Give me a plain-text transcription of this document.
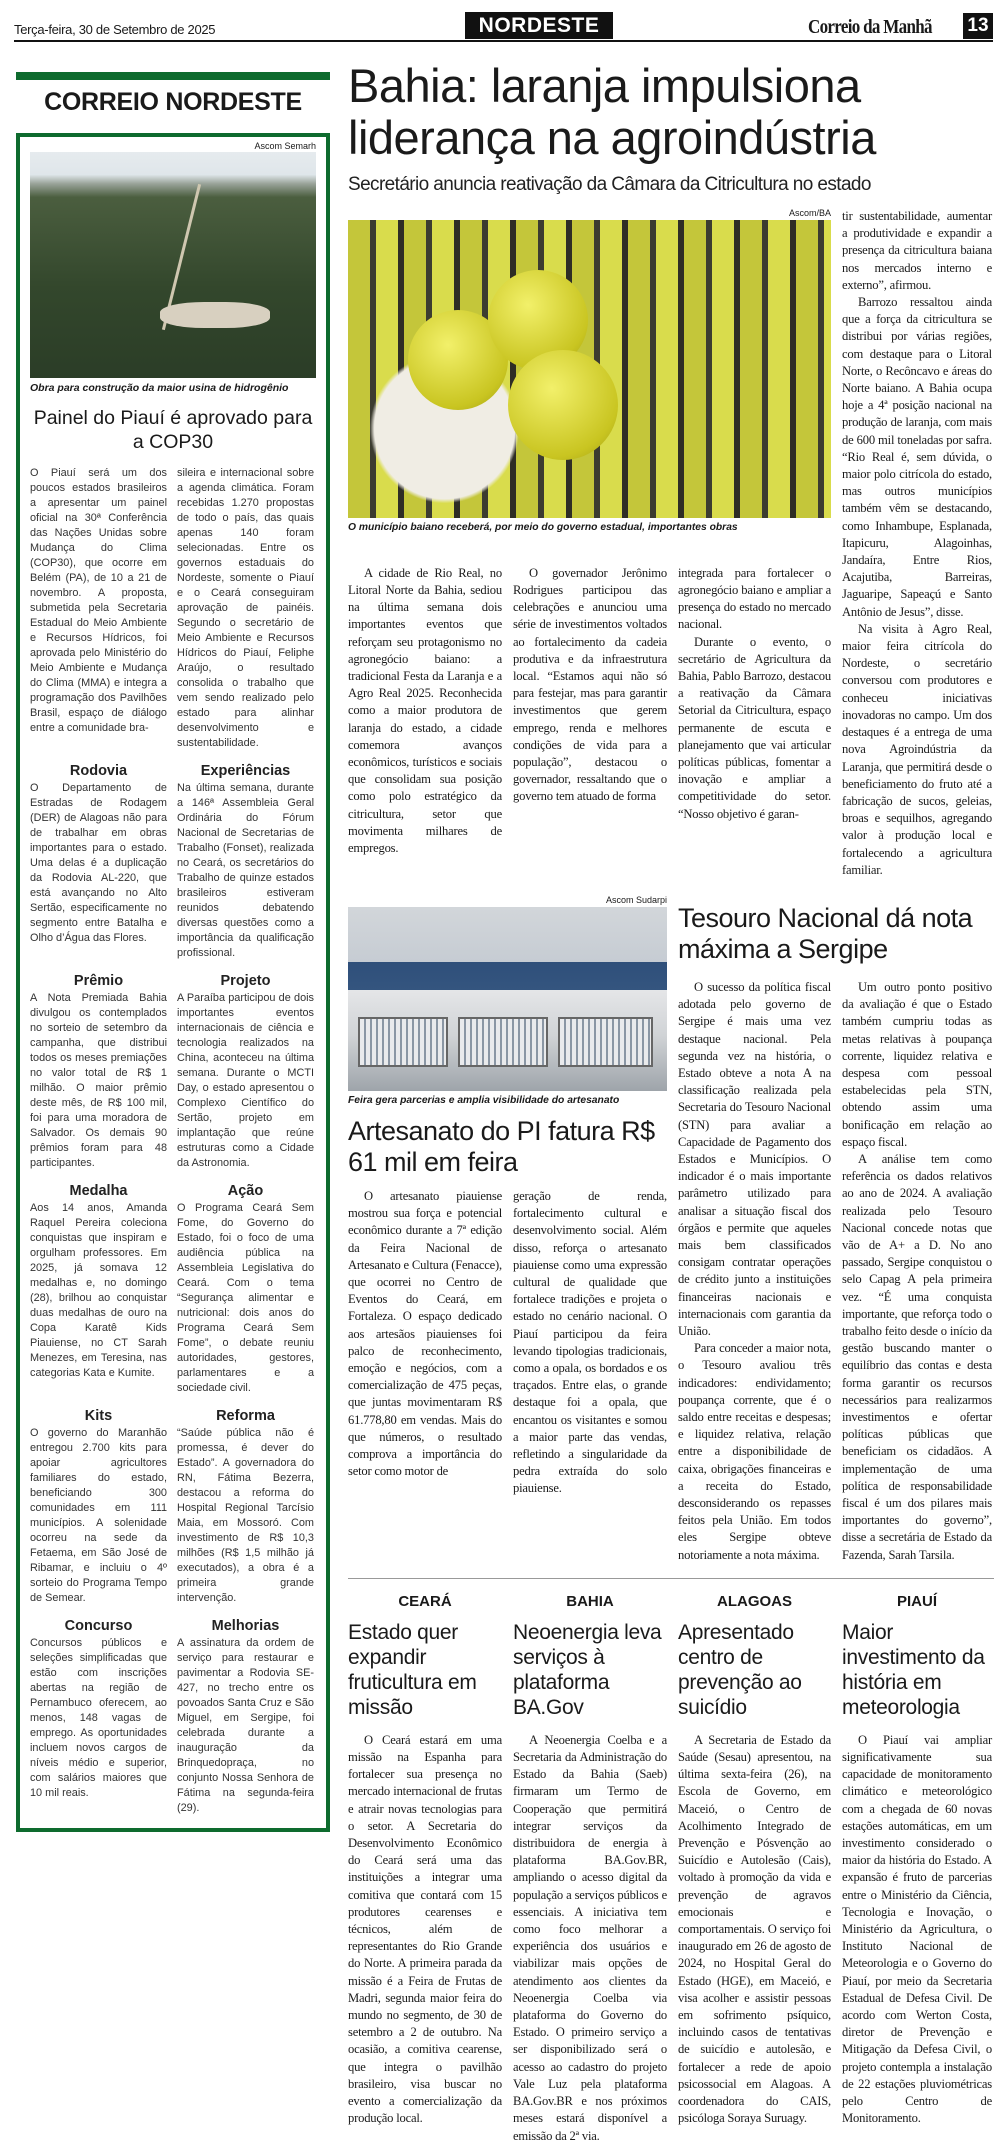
Terça-feira, 30 de Setembro de 2025	NORDESTE	Correio da Manhã 13
CORREIO NORDESTE
Ascom Semarh
Obra para construção da maior usina de hidrogênio
Painel do Piauí é aprovado para a COP30

O Piauí será um dos poucos estados brasileiros a apresentar um painel oficial na 30ª Conferência das Nações Unidas sobre Mudança do Clima (COP30), que ocorre em Belém (PA), de 10 a 21 de novembro. A proposta, submetida pela Secretaria Estadual do Meio Ambiente e Recursos Hídricos, foi aprovada pelo Ministério do Meio Ambiente e Mudança do Clima (MMA) e integra a programação dos Pavilhões Brasil, espaço de diálogo entre a comunidade bra-

sileira e internacional sobre a agenda climática. Foram recebidas 1.270 propostas de todo o país, das quais apenas 140 foram selecionadas. Entre os governos estaduais do Nordeste, somente o Piauí e o Ceará conseguiram aprovação de painéis. Segundo o secretário de Meio Ambiente e Recursos Hídricos do Piauí, Feliphe Araújo, o resultado consolida o trabalho que vem sendo realizado pelo estado para alinhar desenvolvimento e sustentabilidade.

Rodovia

O Departamento de Estradas de Rodagem (DER) de Alagoas não para de trabalhar em obras importantes para o estado. Uma delas é a duplicação da Rodovia AL-220, que está avançando no Alto Sertão, especificamente no segmento entre Batalha e Olho d’Água das Flores.

Experiências

Na última semana, durante a 146ª Assembleia Geral Ordinária do Fórum Nacional de Secretarias de Trabalho (Fonset), realizada no Ceará, os secretários do Trabalho de quinze estados brasileiros estiveram reunidos debatendo diversas questões como a importância da qualificação profissional.

Prêmio

A Nota Premiada Bahia divulgou os contemplados no sorteio de setembro da campanha, que distribui todos os meses premiações no valor total de R$ 1 milhão. O maior prêmio deste mês, de R$ 100 mil, foi para uma moradora de Salvador. Os demais 90 prêmios foram para 48 participantes.

Projeto

A Paraíba participou de dois importantes eventos internacionais de ciência e tecnologia realizados na China, aconteceu na última semana. Durante o MCTI Day, o estado apresentou o Complexo Científico do Sertão, projeto em implantação que reúne estruturas como a Cidade da Astronomia.

Medalha

Aos 14 anos, Amanda Raquel Pereira coleciona conquistas que inspiram e orgulham professores. Em 2025, já somava 12 medalhas e, no domingo (28), brilhou ao conquistar duas medalhas de ouro na Copa Karatê Kids Piauiense, no CT Sarah Menezes, em Teresina, nas categorias Kata e Kumite.

Ação

O Programa Ceará Sem Fome, do Governo do Estado, foi o foco de uma audiência pública na Assembleia Legislativa do Ceará. Com o tema “Segurança alimentar e nutricional: dois anos do Programa Ceará Sem Fome”, o debate reuniu autoridades, gestores, parlamentares e a sociedade civil.

Kits

O governo do Maranhão entregou 2.700 kits para apoiar agricultores familiares do estado, beneficiando 300 comunidades em 111 municípios. A solenidade ocorreu na sede da Fetaema, em São José de Ribamar, e incluiu o 4º sorteio do Programa Tempo de Semear.

Reforma

“Saúde pública não é promessa, é dever do Estado”. A governadora do RN, Fátima Bezerra, destacou a reforma do Hospital Regional Tarcísio Maia, em Mossoró. Com investimento de R$ 10,3 milhões (R$ 1,5 milhão já executados), a obra é a primeira grande intervenção.

Concurso

Concursos públicos e seleções simplificadas que estão com inscrições abertas na região de Pernambuco oferecem, ao menos, 148 vagas de emprego. As oportunidades incluem novos cargos de níveis médio e superior, com salários maiores que 10 mil reais.

Melhorias

A assinatura da ordem de serviço para restaurar e pavimentar a Rodovia SE-427, no trecho entre os povoados Santa Cruz e São Miguel, em Sergipe, foi celebrada durante a inauguração da Brinquedopraça, no conjunto Nossa Senhora de Fátima na segunda-feira (29).

Bahia: laranja impulsiona liderança na agroindústria
Secretário anuncia reativação da Câmara da Citricultura no estado
Ascom/BA
O município baiano receberá, por meio do governo estadual, importantes obras

A cidade de Rio Real, no Litoral Norte da Bahia, sediou na última semana dois importantes eventos que reforçam seu protagonismo no agronegócio baiano: a tradicional Festa da Laranja e a Agro Real 2025. Reconhecida como a maior produtora de laranja do estado, a cidade comemora avanços econômicos, turísticos e sociais que consolidam sua posição como polo estratégico da citricultura, setor que movimenta milhares de empregos.

O governador Jerônimo Rodrigues participou das celebrações e anunciou uma série de investimentos voltados ao fortalecimento da cadeia produtiva e da infraestrutura local. “Estamos aqui não só para festejar, mas para garantir investimentos que gerem emprego, renda e melhores condições de vida para a população”, destacou o governador, ressaltando que o governo tem atuado de forma

integrada para fortalecer o agronegócio baiano e ampliar a presença do estado no mercado nacional.

Durante o evento, o secretário de Agricultura da Bahia, Pablo Barrozo, destacou a reativação da Câmara Setorial da Citricultura, espaço permanente de escuta e planejamento que vai articular políticas públicas, fomentar a inovação e ampliar a competitividade do setor. “Nosso objetivo é garan-

tir sustentabilidade, aumentar a produtividade e expandir a presença da citricultura baiana nos mercados interno e externo”, afirmou.

Barrozo ressaltou ainda que a força da citricultura se distribui por várias regiões, com destaque para o Litoral Norte, o Recôncavo e áreas do Norte baiano. A Bahia ocupa hoje a 4ª posição nacional na produção de laranja, com mais de 600 mil toneladas por safra. “Rio Real é, sem dúvida, o maior polo citrícola do estado, mas outros municípios também vêm se destacando, como Inhambupe, Esplanada, Itapicuru, Alagoinhas, Jandaíra, Entre Rios, Acajutiba, Barreiras, Jaguaripe, Sapeaçú e Santo Antônio de Jesus”, disse.

Na visita à Agro Real, maior feira citrícola do Nordeste, o secretário conversou com produtores e conheceu iniciativas inovadoras no campo. Um dos destaques é a entrega de uma nova Agroindústria da Laranja, que permitirá desde o beneficiamento do fruto até a fabricação de sucos, geleias, broas e sequilhos, agregando valor à produção local e fortalecendo a agricultura familiar.

Ascom Sudarpi
Feira gera parcerias e amplia visibilidade do artesanato
Artesanato do PI fatura R$ 61 mil em feira

O artesanato piauiense mostrou sua força e potencial econômico durante a 7ª edição da Feira Nacional de Artesanato e Cultura (Fenacce), que ocorrei no Centro de Eventos do Ceará, em Fortaleza. O espaço dedicado aos artesãos piauienses foi palco de reconhecimento, emoção e negócios, com a comercialização de 475 peças, que juntas movimentaram R$ 61.778,80 em vendas. Mais do que números, o resultado comprova a importância do setor como motor de

geração de renda, fortalecimento cultural e desenvolvimento social. Além disso, reforça o artesanato piauiense como uma expressão cultural de qualidade que fortalece tradições e projeta o estado no cenário nacional. O Piauí participou da feira levando tipologias tradicionais, como a opala, os bordados e os traçados. Entre elas, o grande destaque foi a opala, que encantou os visitantes e somou a maior parte das vendas, refletindo a singularidade da pedra extraída do solo piauiense.

Tesouro Nacional dá nota máxima a Sergipe

O sucesso da política fiscal adotada pelo governo de Sergipe é mais uma vez destaque nacional. Pela segunda vez na história, o Estado obteve a nota A na classificação realizada pela Secretaria do Tesouro Nacional (STN) para avaliar a Capacidade de Pagamento dos Estados e Municípios. O indicador é o mais importante parâmetro utilizado para analisar a situação fiscal dos órgãos e permite que aqueles mais bem classificados consigam contratar operações de crédito junto a instituições financeiras nacionais e internacionais com garantia da União.

Para conceder a maior nota, o Tesouro avaliou três indicadores: endividamento; poupança corrente, que é o saldo entre receitas e despesas; e liquidez relativa, relação entre a disponibilidade de caixa, obrigações financeiras e a receita do Estado, desconsiderando os repasses feitos pela União. Em todos eles Sergipe obteve notoriamente a nota máxima.

Um outro ponto positivo da avaliação é que o Estado também cumpriu todas as metas relativas à poupança corrente, liquidez relativa e despesa com pessoal estabelecidas pela STN, obtendo assim uma bonificação em relação ao espaço fiscal.

A análise tem como referência os dados relativos ao ano de 2024. A avaliação realizada pelo Tesouro Nacional concede notas que vão de A+ a D. No ano passado, Sergipe conquistou o selo Capag A pela primeira vez. “É uma conquista importante, que reforça todo o trabalho feito desde o início da gestão buscando manter o equilíbrio das contas e desta forma garantir os recursos necessários para realizarmos investimentos e ofertar políticas públicas que beneficiam os cidadãos. A implementação de uma política de responsabilidade fiscal é um dos pilares mais importantes do governo”, disse a secretária de Estado da Fazenda, Sarah Tarsila.

CEARÁ
Estado quer expandir fruticultura em missão

O Ceará estará em uma missão na Espanha para fortalecer sua presença no mercado internacional de frutas e atrair novas tecnologias para o setor. A Secretaria do Desenvolvimento Econômico do Ceará será uma das instituições a integrar uma comitiva que contará com 15 produtores cearenses e técnicos, além de representantes do Rio Grande do Norte. A primeira parada da missão é a Feira de Frutas de Madri, segunda maior feira do mundo no segmento, de 30 de setembro a 2 de outubro. Na ocasião, a comitiva cearense, que integra o pavilhão brasileiro, visa buscar no evento a comercialização da produção local.

BAHIA
Neoenergia leva serviços à plataforma BA.Gov

A Neoenergia Coelba e a Secretaria da Administração do Estado da Bahia (Saeb) firmaram um Termo de Cooperação que permitirá integrar serviços da distribuidora de energia à plataforma BA.Gov.BR, ampliando o acesso digital da população a serviços públicos e essenciais. A iniciativa tem como foco melhorar a experiência dos usuários e viabilizar mais opções de atendimento aos clientes da Neoenergia Coelba via plataforma do Governo do Estado. O primeiro serviço a ser disponibilizado será o acesso ao cadastro do projeto Vale Luz pela plataforma BA.Gov.BR e nos próximos meses estará disponível a emissão da 2ª via.

ALAGOAS
Apresentado centro de prevenção ao suicídio

A Secretaria de Estado da Saúde (Sesau) apresentou, na última sexta-feira (26), na Escola de Governo, em Maceió, o Centro de Acolhimento Integrado de Prevenção e Pósvenção ao Suicídio e Autolesão (Cais), voltado à promoção da vida e prevenção de agravos emocionais e comportamentais. O serviço foi inaugurado em 26 de agosto de 2024, no Hospital Geral do Estado (HGE), em Maceió, e visa acolher e assistir pessoas em sofrimento psíquico, incluindo casos de tentativas de suicídio e autolesão, e fortalecer a rede de apoio psicossocial em Alagoas. A coordenadora do CAIS, psicóloga Soraya Suruagy.

PIAUÍ
Maior investimento da história em meteorologia

O Piauí vai ampliar significativamente sua capacidade de monitoramento climático e meteorológico com a chegada de 60 novas estações automáticas, em um investimento considerado o maior da história do Estado. A expansão é fruto de parcerias entre o Ministério da Ciência, Tecnologia e Inovação, o Ministério da Agricultura, o Instituto Nacional de Meteorologia e o Governo do Piauí, por meio da Secretaria Estadual de Defesa Civil. De acordo com Werton Costa, diretor de Prevenção e Mitigação da Defesa Civil, o projeto contempla a instalação de 22 estações pluviométricas pelo Centro de Monitoramento.
